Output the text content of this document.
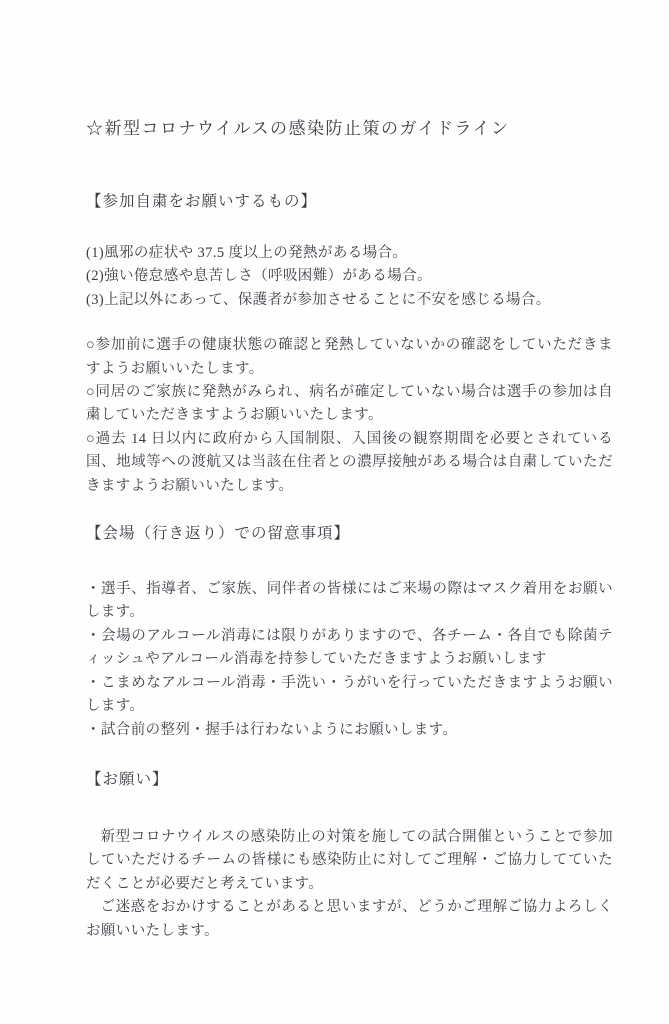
☆新型コロナウイルスの感染防止策のガイドライン
【参加自粛をお願いするもの】

(1)風邪の症状や 37.5 度以上の発熱がある場合。

(2)強い倦怠感や息苦しさ（呼吸困難）がある場合。

(3)上記以外にあって、保護者が参加させることに不安を感じる場合。

○参加前に選手の健康状態の確認と発熱していないかの確認をしていただきますようお願いいたします。

○同居のご家族に発熱がみられ、病名が確定していない場合は選手の参加は自粛していただきますようお願いいたします。

○過去 14 日以内に政府から入国制限、入国後の観察期間を必要とされている国、地域等への渡航又は当該在住者との濃厚接触がある場合は自粛していただきますようお願いいたします。

【会場（行き返り）での留意事項】

・選手、指導者、ご家族、同伴者の皆様にはご来場の際はマスク着用をお願いします。

・会場のアルコール消毒には限りがありますので、各チーム・各自でも除菌ティッシュやアルコール消毒を持参していただきますようお願いします

・こまめなアルコール消毒・手洗い・うがいを行っていただきますようお願いします。

・試合前の整列・握手は行わないようにお願いします。

【お願い】

新型コロナウイルスの感染防止の対策を施しての試合開催ということで参加していただけるチームの皆様にも感染防止に対してご理解・ご協力してていただくことが必要だと考えています。

ご迷惑をおかけすることがあると思いますが、どうかご理解ご協力よろしくお願いいたします。
